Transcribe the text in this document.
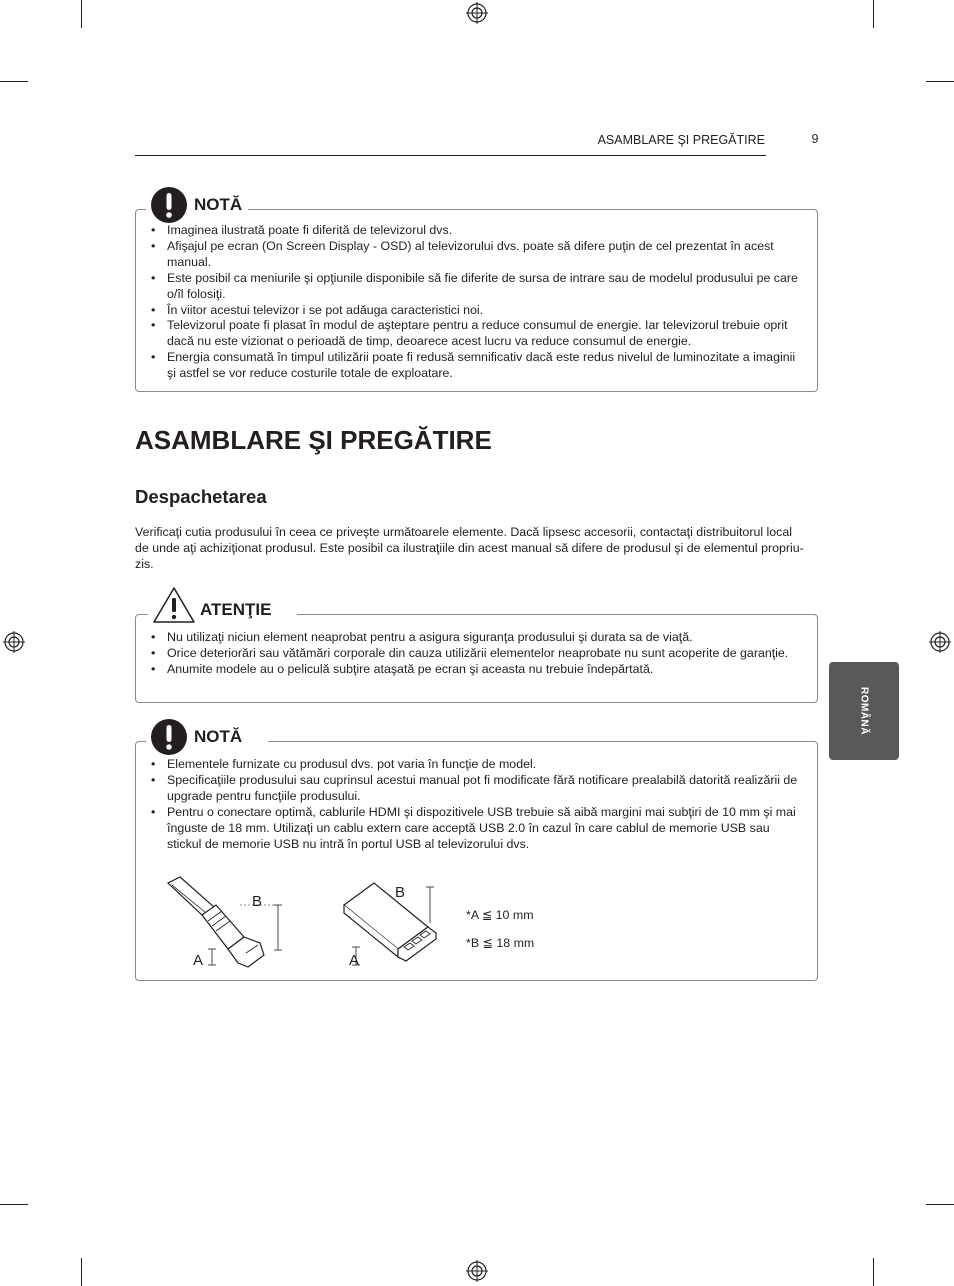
ASAMBLARE ŞI PREGĂTIRE	9
ROMÂNĂ
NOTĂ
• Imaginea ilustrată poate fi diferită de televizorul dvs.
• Afişajul pe ecran (On Screen Display - OSD) al televizorului dvs. poate să difere puţin de cel prezentat în acest manual.
• Este posibil ca meniurile şi opţiunile disponibile să fie diferite de sursa de intrare sau de modelul produsului pe care o/îl folosiţi.
• În viitor acestui televizor i se pot adăuga caracteristici noi.
• Televizorul poate fi plasat în modul de aşteptare pentru a reduce consumul de energie. Iar televizorul trebuie oprit dacă nu este vizionat o perioadă de timp, deoarece acest lucru va reduce consumul de energie.
• Energia consumată în timpul utilizării poate fi redusă semnificativ dacă este redus nivelul de luminozitate a imaginii şi astfel se vor reduce costurile totale de exploatare.
ASAMBLARE ŞI PREGĂTIRE
Despachetarea

Verificaţi cutia produsului în ceea ce priveşte următoarele elemente. Dacă lipsesc accesorii, contactaţi distribuitorul local de unde aţi achiziţionat produsul. Este posibil ca ilustraţiile din acest manual să difere de produsul şi de elementul propriu-zis.

ATENŢIE
• Nu utilizaţi niciun element neaprobat pentru a asigura siguranţa produsului şi durata sa de viaţă.
• Orice deteriorări sau vătămări corporale din cauza utilizării elementelor neaprobate nu sunt acoperite de garanţie.
• Anumite modele au o peliculă subţire ataşată pe ecran şi aceasta nu trebuie îndepărtată.
NOTĂ
• Elementele furnizate cu produsul dvs. pot varia în funcţie de model.
• Specificaţiile produsului sau cuprinsul acestui manual pot fi modificate fără notificare prealabilă datorită realizării de upgrade pentru funcţiile produsului.
• Pentru o conectare optimă, cablurile HDMI şi dispozitivele USB trebuie să aibă margini mai subţiri de 10 mm şi mai înguste de 18 mm. Utilizaţi un cablu extern care acceptă USB 2.0 în cazul în care cablul de memorie USB sau stickul de memorie USB nu intră în portul USB al televizorului dvs.
B
A
B
A
*A ≦ 10 mm
*B ≦ 18 mm
